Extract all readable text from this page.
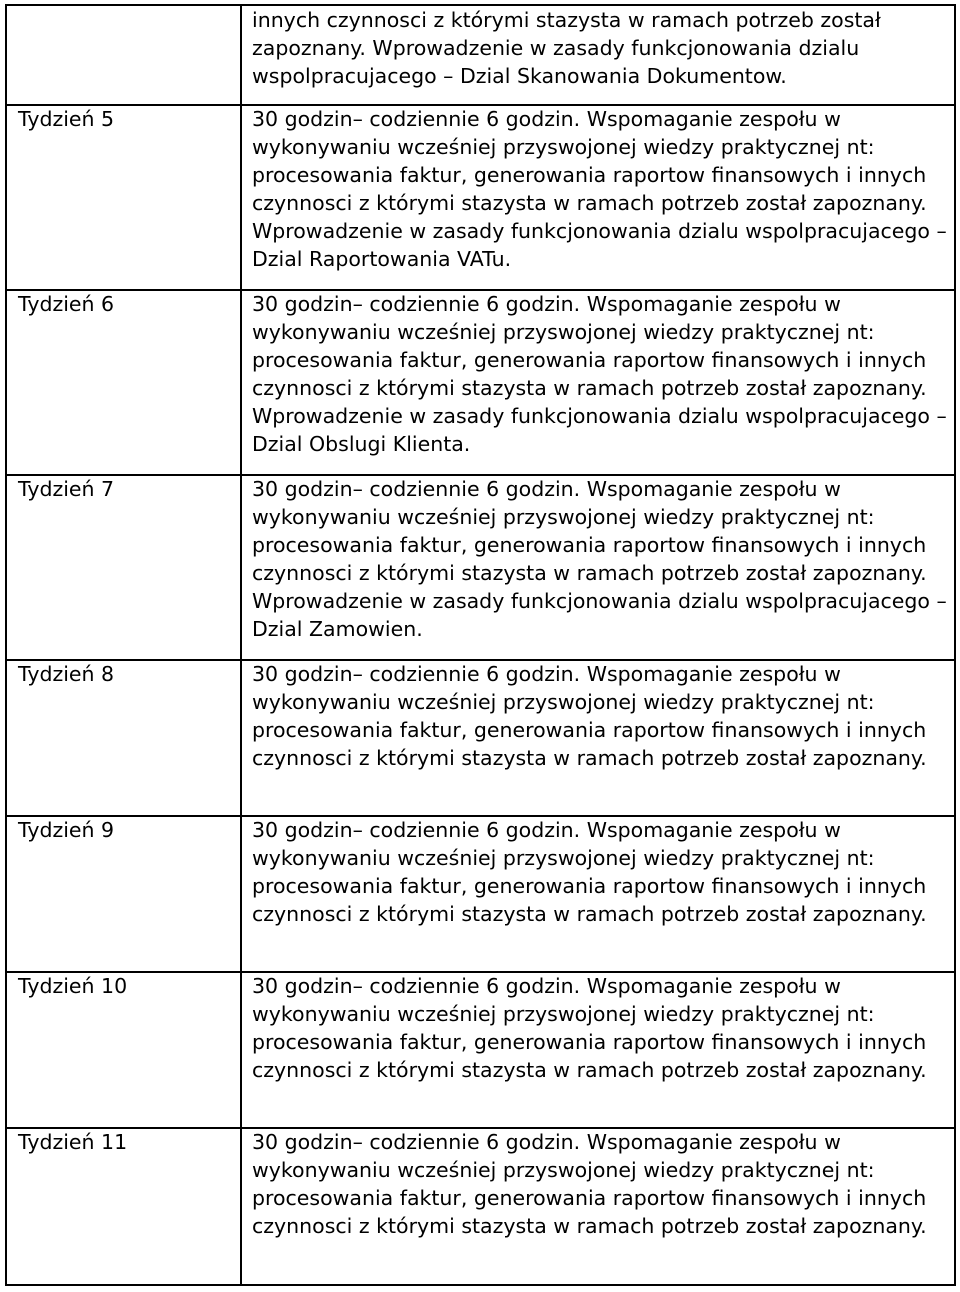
	innych czynnosci z którymi stazysta w ramach potrzeb został zapoznany. Wprowadzenie w zasady funkcjonowania dzialu wspolpracujacego – Dzial Skanowania Dokumentow.

Tydzień 5	30 godzin– codziennie 6 godzin. Wspomaganie zespołu w wykonywaniu wcześniej przyswojonej wiedzy praktycznej nt: procesowania faktur, generowania raportow finansowych i innych czynnosci z którymi stazysta w ramach potrzeb został zapoznany. Wprowadzenie w zasady funkcjonowania dzialu wspolpracujacego – Dzial Raportowania VATu.

Tydzień 6	30 godzin– codziennie 6 godzin. Wspomaganie zespołu w wykonywaniu wcześniej przyswojonej wiedzy praktycznej nt: procesowania faktur, generowania raportow finansowych i innych czynnosci z którymi stazysta w ramach potrzeb został zapoznany. Wprowadzenie w zasady funkcjonowania dzialu wspolpracujacego – Dzial Obslugi Klienta.

Tydzień 7	30 godzin– codziennie 6 godzin. Wspomaganie zespołu w wykonywaniu wcześniej przyswojonej wiedzy praktycznej nt: procesowania faktur, generowania raportow finansowych i innych czynnosci z którymi stazysta w ramach potrzeb został zapoznany. Wprowadzenie w zasady funkcjonowania dzialu wspolpracujacego – Dzial Zamowien.

Tydzień 8	30 godzin– codziennie 6 godzin. Wspomaganie zespołu w wykonywaniu wcześniej przyswojonej wiedzy praktycznej nt: procesowania faktur, generowania raportow finansowych i innych czynnosci z którymi stazysta w ramach potrzeb został zapoznany.

Tydzień 9	30 godzin– codziennie 6 godzin. Wspomaganie zespołu w wykonywaniu wcześniej przyswojonej wiedzy praktycznej nt: procesowania faktur, generowania raportow finansowych i innych czynnosci z którymi stazysta w ramach potrzeb został zapoznany.

Tydzień 10	30 godzin– codziennie 6 godzin. Wspomaganie zespołu w wykonywaniu wcześniej przyswojonej wiedzy praktycznej nt: procesowania faktur, generowania raportow finansowych i innych czynnosci z którymi stazysta w ramach potrzeb został zapoznany.

Tydzień 11	30 godzin– codziennie 6 godzin. Wspomaganie zespołu w wykonywaniu wcześniej przyswojonej wiedzy praktycznej nt: procesowania faktur, generowania raportow finansowych i innych czynnosci z którymi stazysta w ramach potrzeb został zapoznany.
